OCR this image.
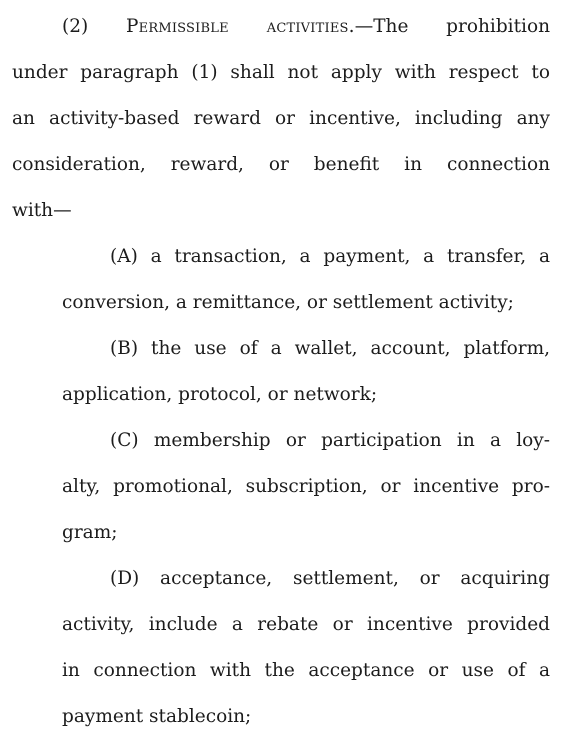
(2) Permissible activities.—The prohibition
under paragraph (1) shall not apply with respect to
an activity-based reward or incentive, including any
consideration, reward, or benefit in connection
with—
(A) a transaction, a payment, a transfer, a
conversion, a remittance, or settlement activity;
(B) the use of a wallet, account, platform,
application, protocol, or network;
(C) membership or participation in a loy-
alty, promotional, subscription, or incentive pro-
gram;
(D) acceptance, settlement, or acquiring
activity, include a rebate or incentive provided
in connection with the acceptance or use of a
payment stablecoin;
